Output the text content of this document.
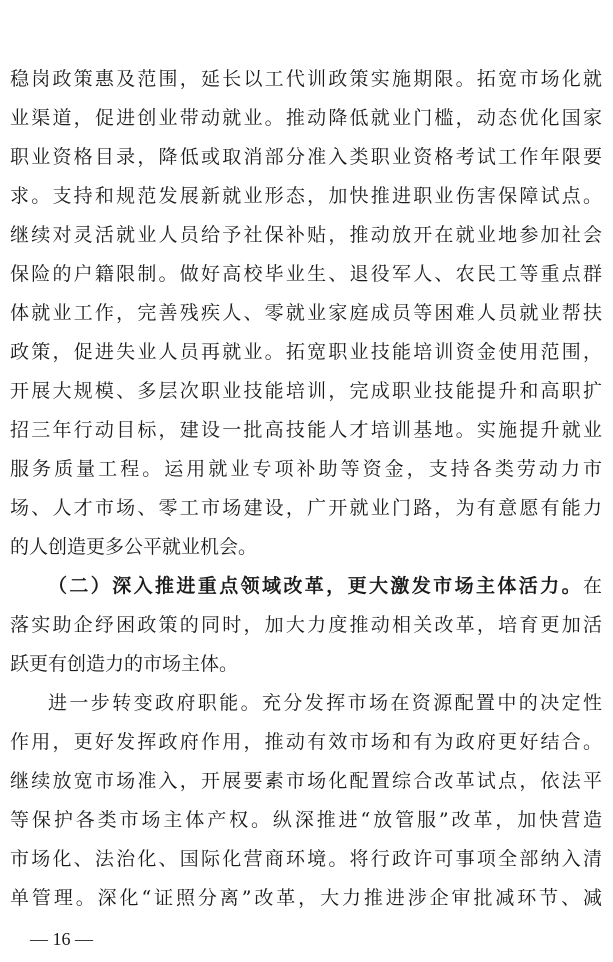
稳岗政策惠及范围，延长以工代训政策实施期限。拓宽市场化就
业渠道，促进创业带动就业。推动降低就业门槛，动态优化国家
职业资格目录，降低或取消部分准入类职业资格考试工作年限要
求。支持和规范发展新就业形态，加快推进职业伤害保障试点。
继续对灵活就业人员给予社保补贴，推动放开在就业地参加社会
保险的户籍限制。做好高校毕业生、退役军人、农民工等重点群
体就业工作，完善残疾人、零就业家庭成员等困难人员就业帮扶
政策，促进失业人员再就业。拓宽职业技能培训资金使用范围，
开展大规模、多层次职业技能培训，完成职业技能提升和高职扩
招三年行动目标，建设一批高技能人才培训基地。实施提升就业
服务质量工程。运用就业专项补助等资金，支持各类劳动力市
场、人才市场、零工市场建设，广开就业门路，为有意愿有能力
的人创造更多公平就业机会。
（二）深入推进重点领域改革，更大激发市场主体活力。在
落实助企纾困政策的同时，加大力度推动相关改革，培育更加活
跃更有创造力的市场主体。
进一步转变政府职能。充分发挥市场在资源配置中的决定性
作用，更好发挥政府作用，推动有效市场和有为政府更好结合。
继续放宽市场准入，开展要素市场化配置综合改革试点，依法平
等保护各类市场主体产权。纵深推进“放管服”改革，加快营造
市场化、法治化、国际化营商环境。将行政许可事项全部纳入清
单管理。深化“证照分离”改革，大力推进涉企审批减环节、减
— 16 —
